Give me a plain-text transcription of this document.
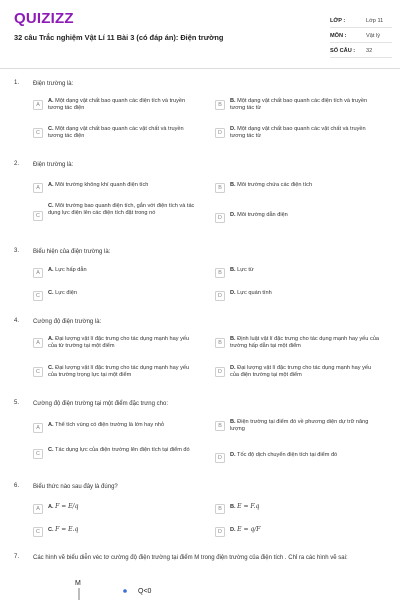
QUIZIZZ
32 câu Trắc nghiệm Vật Lí 11 Bài 3 (có đáp án): Điện trường
LỚP :	Lớp 11
MÔN :	Vật lý
SỐ CÂU : 32
1. Điện trường là:
A
A. Một dạng vật chất bao quanh các điện tích và truyền tương tác điện
B
B. Một dạng vật chất bao quanh các điện tích và truyền tương tác từ
C
C. Một dạng vật chất bao quanh các vật chất và truyền tương tác điện
D
D. Một dạng vật chất bao quanh các vật chất và truyền tương tác từ
2. Điện trường là:
A	A. Môi trường không khí quanh điện tích	B	B. Môi trường chứa các điện tích
C
C. Môi trường bao quanh điện tích, gắn với điện tích và tác dụng lực điện lên các điện tích đặt trong nó
D	D. Môi trường dẫn điện
3. Biểu hiện của điện trường là:
A	A. Lực hấp dẫn	B	B. Lực từ
C	C. Lực điện	D	D. Lực quán tính
4. Cường độ điện trường là:
A
A. Đại lượng vật lí đặc trưng cho tác dụng mạnh hay yếu của từ trường tại một điểm
B
B. Định luật vật lí đặc trưng cho tác dụng mạnh hay yếu của trường hấp dẫn tại một điểm
C
C. Đại lượng vật lí đặc trưng cho tác dụng mạnh hay yếu của trường trọng lực tại một điểm
D
D. Đại lượng vật lí đặc trưng cho tác dụng mạnh hay yếu của điện trường tại một điểm
5. Cường độ điện trường tại một điểm đặc trưng cho:
A	A. Thể tích vùng có điện trường là lớn hay nhỏ	B
B. Điện trường tại điểm đó về phương diện dự trữ năng lượng
C
C. Tác dụng lực của điện trường lên điện tích tại điểm đó
D	D. Tốc độ dịch chuyển điện tích tại điểm đó
6. Biểu thức nào sau đây là đúng?
A	A. F = E/q	B	B. E = F.q
C	C. F = E.q	D	D. E = q/F
7. Các hình vẽ biểu diễn véc tơ cường độ điện trường tại điểm M trong điện trường của điện tích . Chỉ ra các hình vẽ sai:
M
Q<0
